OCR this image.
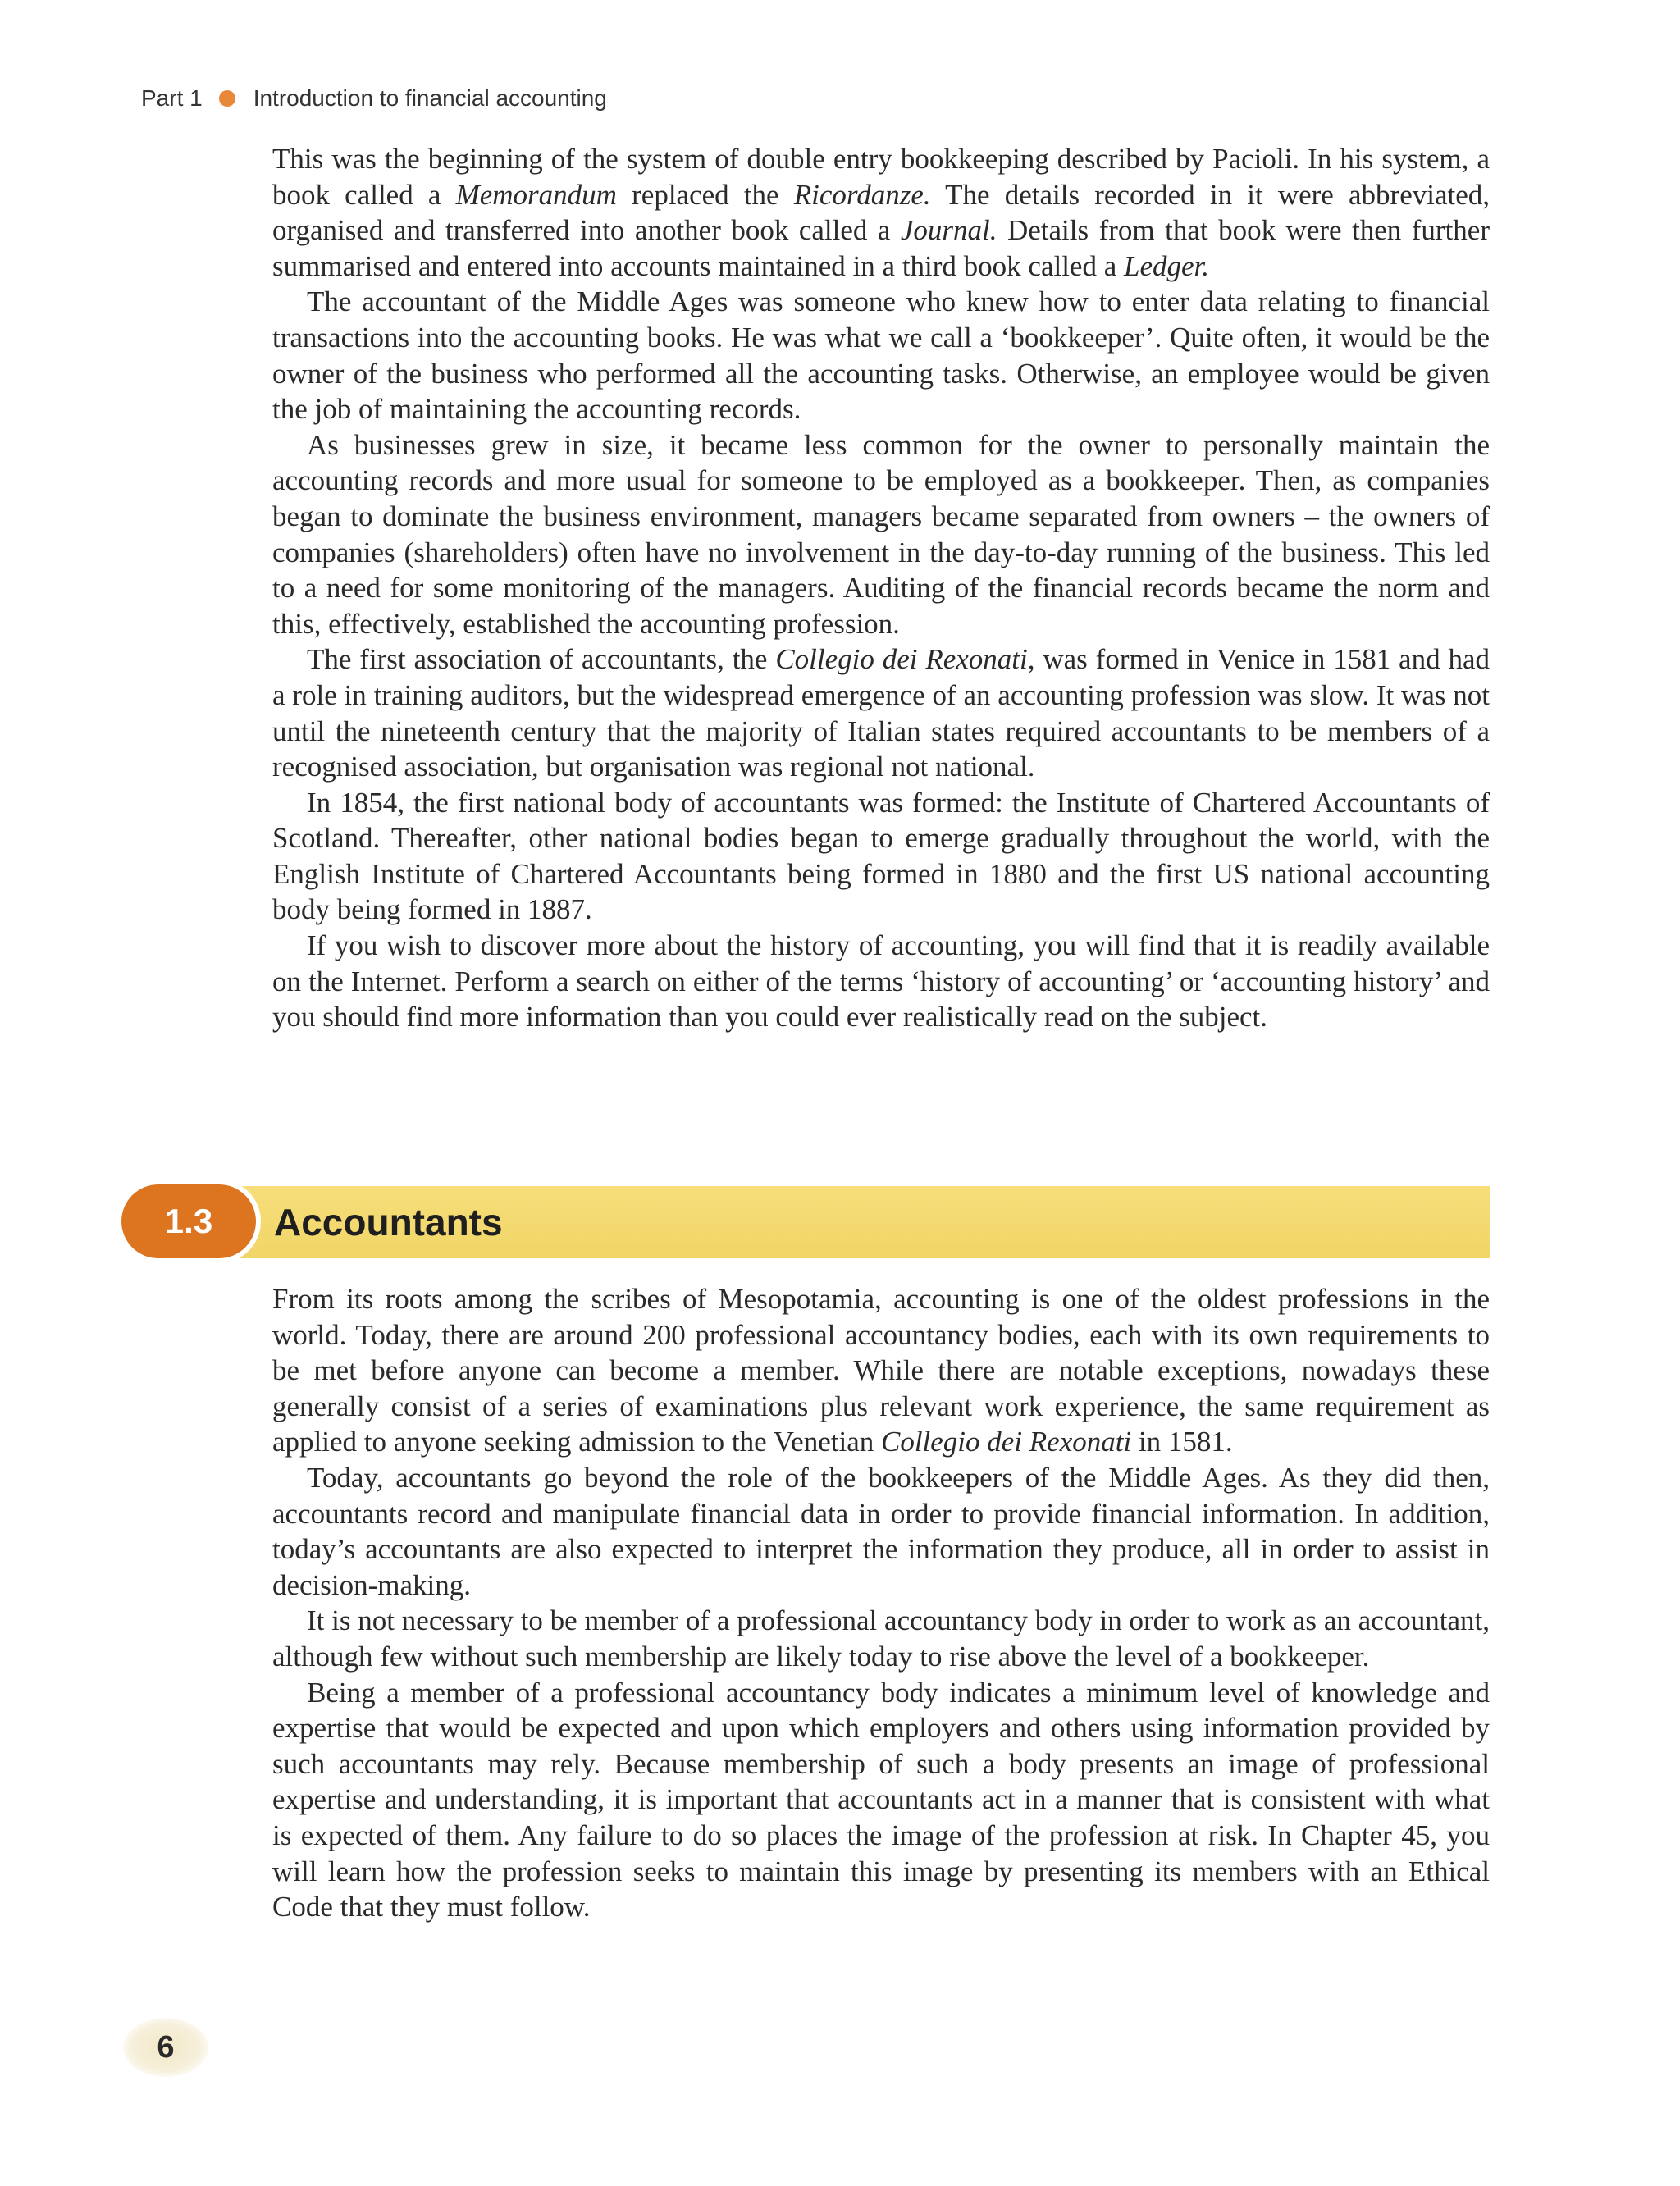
Part 1 Introduction to financial accounting

This was the beginning of the system of double entry bookkeeping described by Pacioli. In his system, a book called a Memorandum replaced the Ricordanze. The details recorded in it were abbreviated, organised and transferred into another book called a Journal. Details from that book were then further summarised and entered into accounts maintained in a third book called a Ledger.

The accountant of the Middle Ages was someone who knew how to enter data relating to financial transactions into the accounting books. He was what we call a ‘bookkeeper’. Quite often, it would be the owner of the business who performed all the accounting tasks. Otherwise, an employee would be given the job of maintaining the accounting records.

As businesses grew in size, it became less common for the owner to personally maintain the accounting records and more usual for someone to be employed as a bookkeeper. Then, as companies began to dominate the business environment, managers became separated from owners – the owners of companies (shareholders) often have no involvement in the day-to-day running of the business. This led to a need for some monitoring of the managers. Auditing of the financial records became the norm and this, effectively, established the accounting profession.

The first association of accountants, the Collegio dei Rexonati, was formed in Venice in 1581 and had a role in training auditors, but the widespread emergence of an accounting profession was slow. It was not until the nineteenth century that the majority of Italian states required accountants to be members of a recognised association, but organisation was regional not national.

In 1854, the first national body of accountants was formed: the Institute of Chartered Accountants of Scotland. Thereafter, other national bodies began to emerge gradually throughout the world, with the English Institute of Chartered Accountants being formed in 1880 and the first US national accounting body being formed in 1887.

If you wish to discover more about the history of accounting, you will find that it is readily available on the Internet. Perform a search on either of the terms ‘history of accounting’ or ‘accounting history’ and you should find more information than you could ever realistically read on the subject.

1.3	Accountants

From its roots among the scribes of Mesopotamia, accounting is one of the oldest professions in the world. Today, there are around 200 professional accountancy bodies, each with its own requirements to be met before anyone can become a member. While there are notable exceptions, nowadays these generally consist of a series of examinations plus relevant work experience, the same requirement as applied to anyone seeking admission to the Venetian Collegio dei Rexonati in 1581.

Today, accountants go beyond the role of the bookkeepers of the Middle Ages. As they did then, accountants record and manipulate financial data in order to provide financial information. In addition, today’s accountants are also expected to interpret the information they produce, all in order to assist in decision-making.

It is not necessary to be member of a professional accountancy body in order to work as an accountant, although few without such membership are likely today to rise above the level of a bookkeeper.

Being a member of a professional accountancy body indicates a minimum level of knowledge and expertise that would be expected and upon which employers and others using information provided by such accountants may rely. Because membership of such a body presents an image of professional expertise and understanding, it is important that accountants act in a manner that is consistent with what is expected of them. Any failure to do so places the image of the profession at risk. In Chapter 45, you will learn how the profession seeks to maintain this image by presenting its members with an Ethical Code that they must follow.

6
